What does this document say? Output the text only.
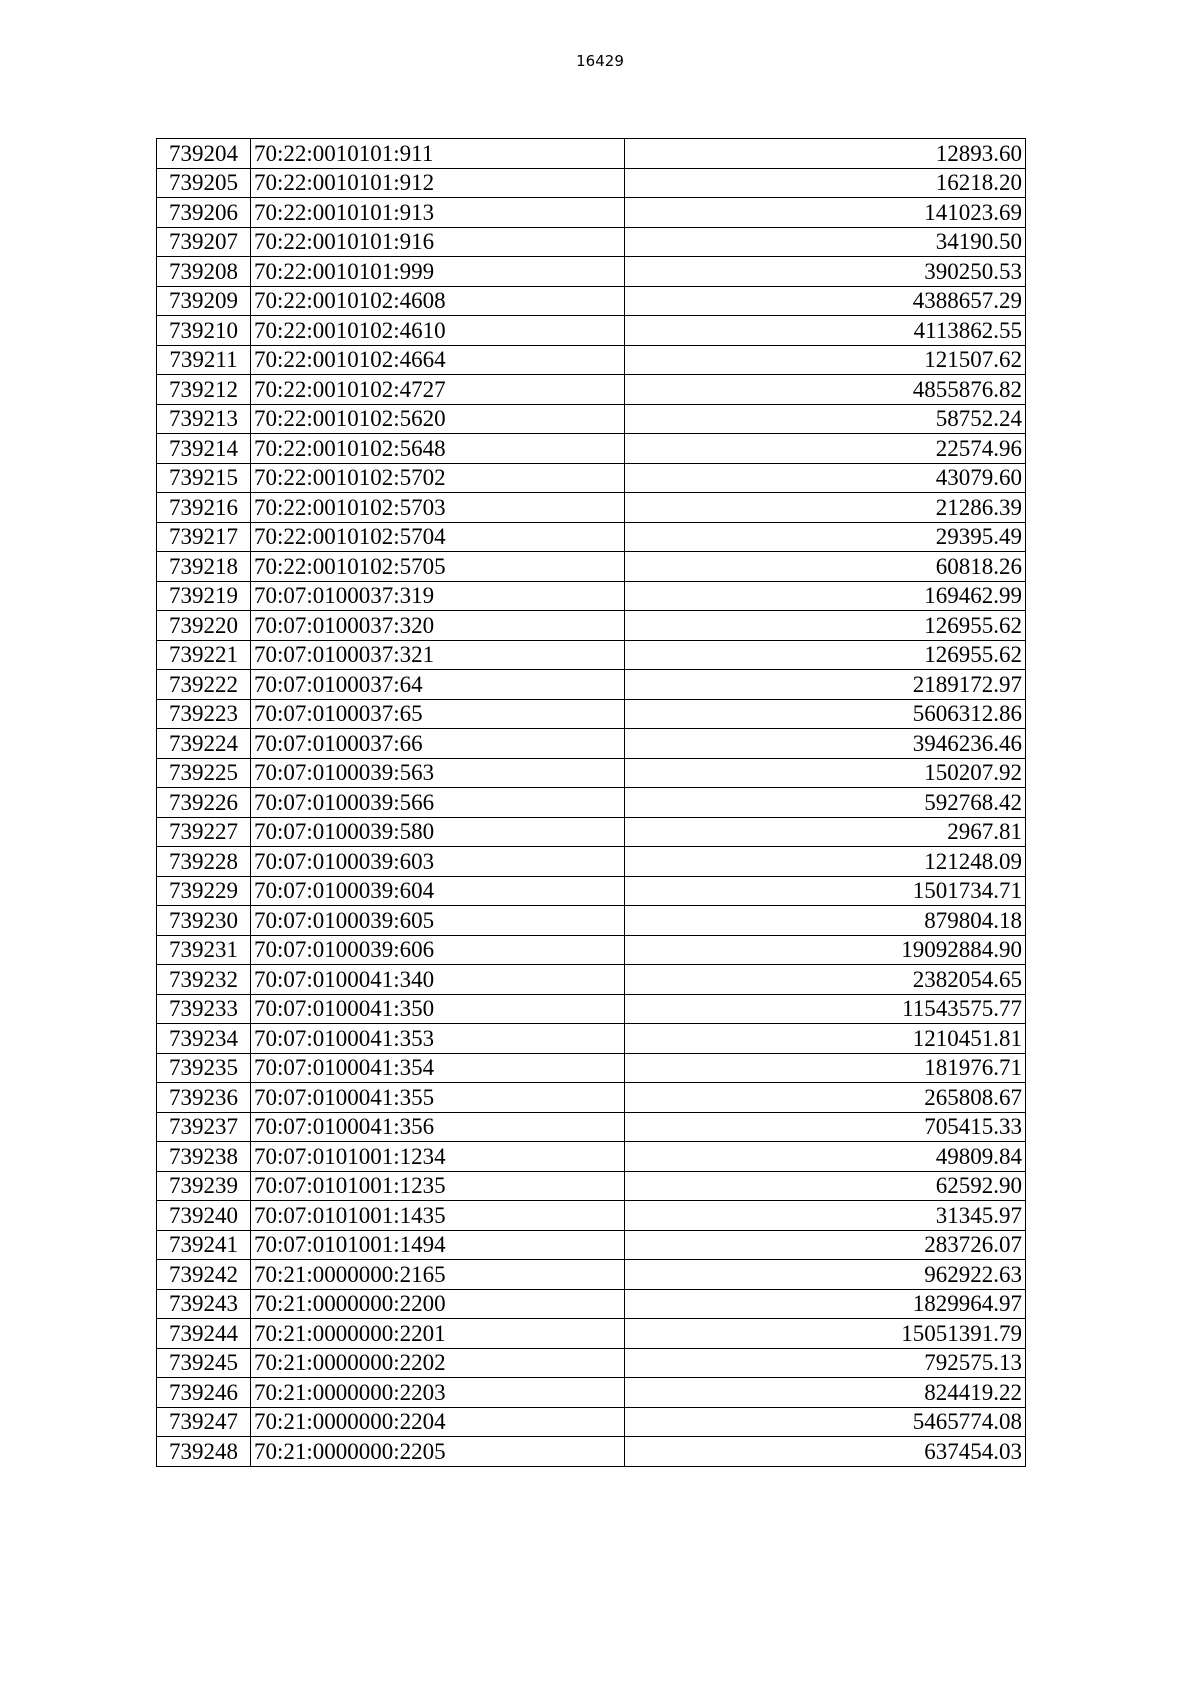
16429
739204	70:22:0010101:911	12893.60
739205	70:22:0010101:912	16218.20
739206	70:22:0010101:913	141023.69
739207	70:22:0010101:916	34190.50
739208	70:22:0010101:999	390250.53
739209	70:22:0010102:4608	4388657.29
739210	70:22:0010102:4610	4113862.55
739211	70:22:0010102:4664	121507.62
739212	70:22:0010102:4727	4855876.82
739213	70:22:0010102:5620	58752.24
739214	70:22:0010102:5648	22574.96
739215	70:22:0010102:5702	43079.60
739216	70:22:0010102:5703	21286.39
739217	70:22:0010102:5704	29395.49
739218	70:22:0010102:5705	60818.26
739219	70:07:0100037:319	169462.99
739220	70:07:0100037:320	126955.62
739221	70:07:0100037:321	126955.62
739222	70:07:0100037:64	2189172.97
739223	70:07:0100037:65	5606312.86
739224	70:07:0100037:66	3946236.46
739225	70:07:0100039:563	150207.92
739226	70:07:0100039:566	592768.42
739227	70:07:0100039:580	2967.81
739228	70:07:0100039:603	121248.09
739229	70:07:0100039:604	1501734.71
739230	70:07:0100039:605	879804.18
739231	70:07:0100039:606	19092884.90
739232	70:07:0100041:340	2382054.65
739233	70:07:0100041:350	11543575.77
739234	70:07:0100041:353	1210451.81
739235	70:07:0100041:354	181976.71
739236	70:07:0100041:355	265808.67
739237	70:07:0100041:356	705415.33
739238	70:07:0101001:1234	49809.84
739239	70:07:0101001:1235	62592.90
739240	70:07:0101001:1435	31345.97
739241	70:07:0101001:1494	283726.07
739242	70:21:0000000:2165	962922.63
739243	70:21:0000000:2200	1829964.97
739244	70:21:0000000:2201	15051391.79
739245	70:21:0000000:2202	792575.13
739246	70:21:0000000:2203	824419.22
739247	70:21:0000000:2204	5465774.08
739248	70:21:0000000:2205	637454.03
